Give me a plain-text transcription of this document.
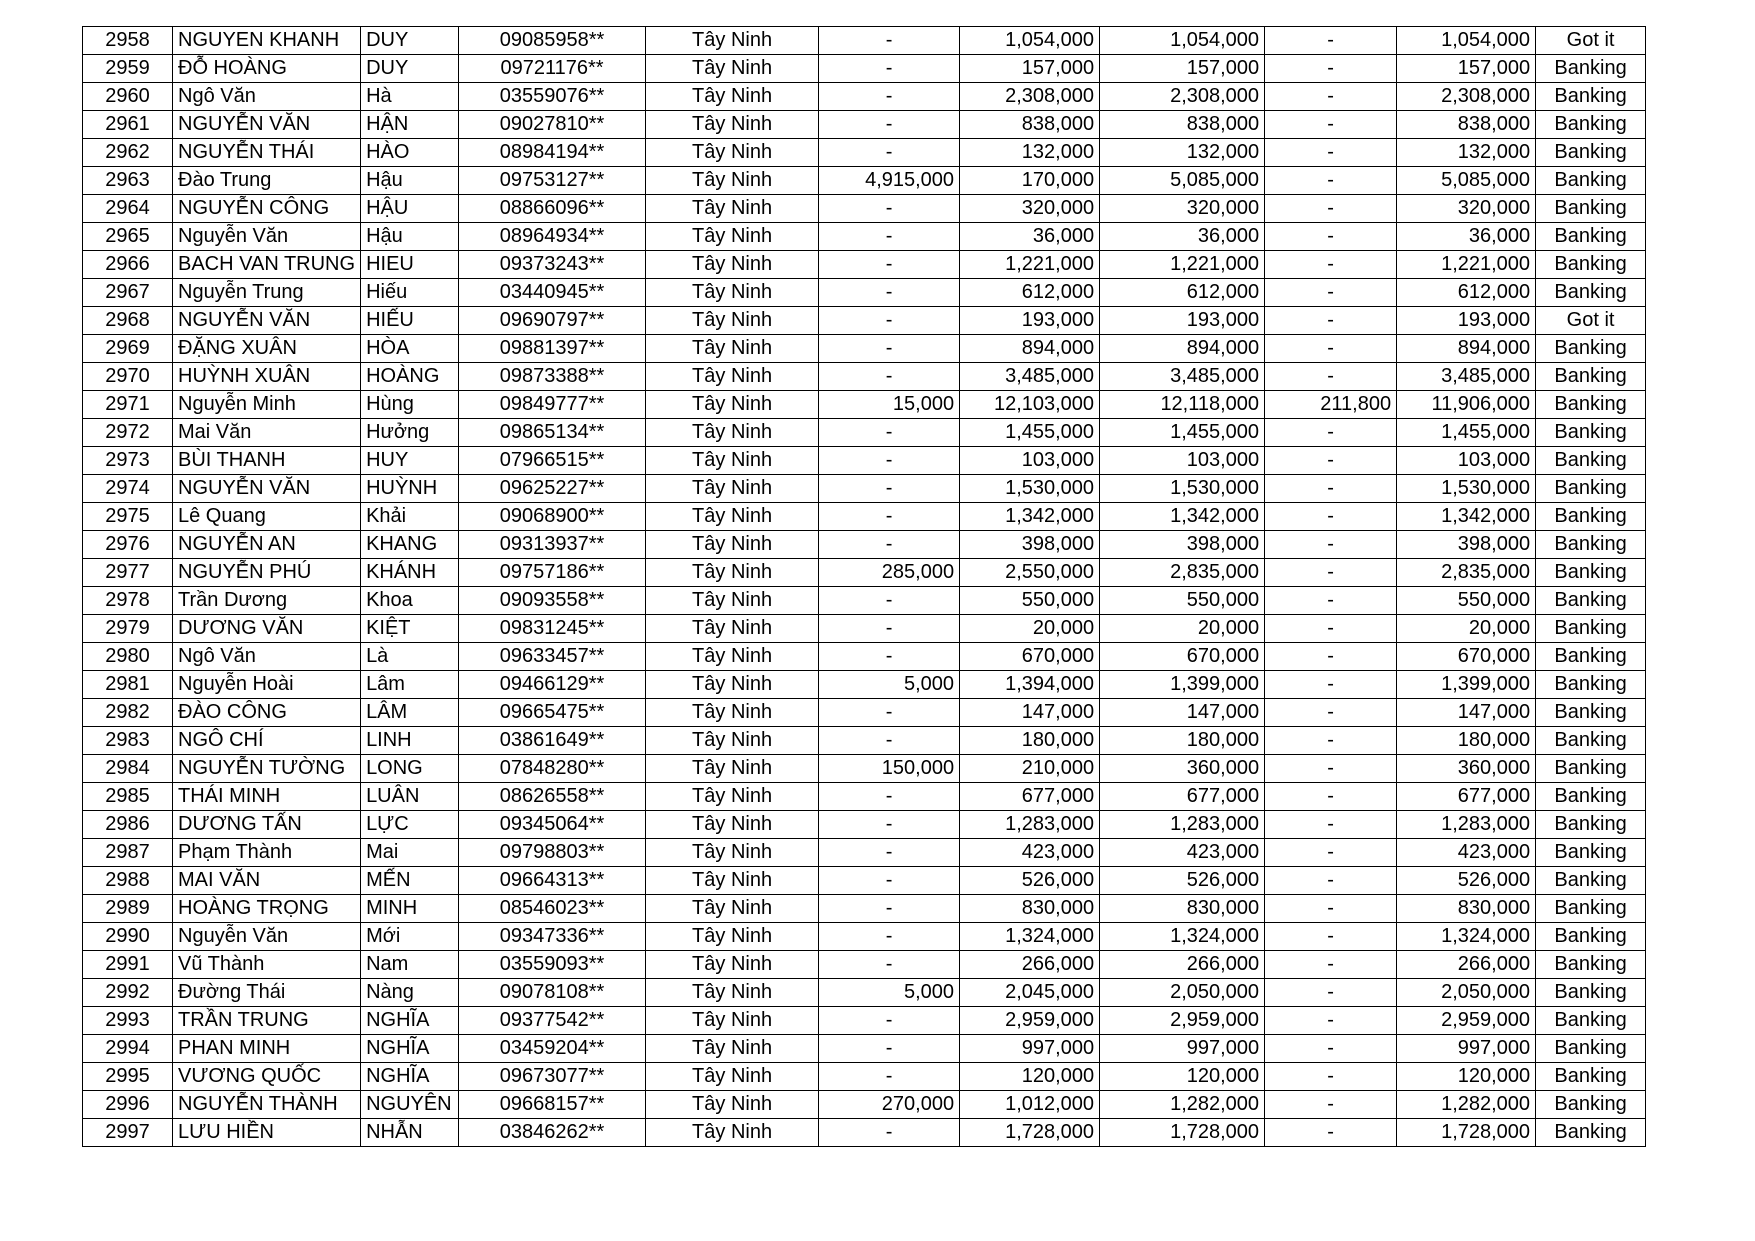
2958	NGUYEN KHANH	DUY	09085958**	Tây Ninh	-	1,054,000	1,054,000	-	1,054,000	Got it
2959	ĐỖ HOÀNG	DUY	09721176**	Tây Ninh	-	157,000	157,000	-	157,000	Banking
2960	Ngô Văn	Hà	03559076**	Tây Ninh	-	2,308,000	2,308,000	-	2,308,000	Banking
2961	NGUYỄN VĂN	HẬN	09027810**	Tây Ninh	-	838,000	838,000	-	838,000	Banking
2962	NGUYỄN THÁI	HÀO	08984194**	Tây Ninh	-	132,000	132,000	-	132,000	Banking
2963	Đào Trung	Hậu	09753127**	Tây Ninh	4,915,000	170,000	5,085,000	-	5,085,000	Banking
2964	NGUYỄN CÔNG	HẬU	08866096**	Tây Ninh	-	320,000	320,000	-	320,000	Banking
2965	Nguyễn Văn	Hậu	08964934**	Tây Ninh	-	36,000	36,000	-	36,000	Banking
2966	BACH VAN TRUNG	HIEU	09373243**	Tây Ninh	-	1,221,000	1,221,000	-	1,221,000	Banking
2967	Nguyễn Trung	Hiếu	03440945**	Tây Ninh	-	612,000	612,000	-	612,000	Banking
2968	NGUYỄN VĂN	HIẾU	09690797**	Tây Ninh	-	193,000	193,000	-	193,000	Got it
2969	ĐẶNG XUÂN	HÒA	09881397**	Tây Ninh	-	894,000	894,000	-	894,000	Banking
2970	HUỲNH XUÂN	HOÀNG	09873388**	Tây Ninh	-	3,485,000	3,485,000	-	3,485,000	Banking
2971	Nguyễn Minh	Hùng	09849777**	Tây Ninh	15,000	12,103,000	12,118,000	211,800	11,906,000	Banking
2972	Mai Văn	Hưởng	09865134**	Tây Ninh	-	1,455,000	1,455,000	-	1,455,000	Banking
2973	BÙI THANH	HUY	07966515**	Tây Ninh	-	103,000	103,000	-	103,000	Banking
2974	NGUYỄN VĂN	HUỲNH	09625227**	Tây Ninh	-	1,530,000	1,530,000	-	1,530,000	Banking
2975	Lê Quang	Khải	09068900**	Tây Ninh	-	1,342,000	1,342,000	-	1,342,000	Banking
2976	NGUYỄN AN	KHANG	09313937**	Tây Ninh	-	398,000	398,000	-	398,000	Banking
2977	NGUYỄN PHÚ	KHÁNH	09757186**	Tây Ninh	285,000	2,550,000	2,835,000	-	2,835,000	Banking
2978	Trần Dương	Khoa	09093558**	Tây Ninh	-	550,000	550,000	-	550,000	Banking
2979	DƯƠNG VĂN	KIỆT	09831245**	Tây Ninh	-	20,000	20,000	-	20,000	Banking
2980	Ngô Văn	Là	09633457**	Tây Ninh	-	670,000	670,000	-	670,000	Banking
2981	Nguyễn Hoài	Lâm	09466129**	Tây Ninh	5,000	1,394,000	1,399,000	-	1,399,000	Banking
2982	ĐÀO CÔNG	LÂM	09665475**	Tây Ninh	-	147,000	147,000	-	147,000	Banking
2983	NGÔ CHÍ	LINH	03861649**	Tây Ninh	-	180,000	180,000	-	180,000	Banking
2984	NGUYỄN TƯỜNG	LONG	07848280**	Tây Ninh	150,000	210,000	360,000	-	360,000	Banking
2985	THÁI MINH	LUÂN	08626558**	Tây Ninh	-	677,000	677,000	-	677,000	Banking
2986	DƯƠNG TẤN	LỰC	09345064**	Tây Ninh	-	1,283,000	1,283,000	-	1,283,000	Banking
2987	Phạm Thành	Mai	09798803**	Tây Ninh	-	423,000	423,000	-	423,000	Banking
2988	MAI VĂN	MẾN	09664313**	Tây Ninh	-	526,000	526,000	-	526,000	Banking
2989	HOÀNG TRỌNG	MINH	08546023**	Tây Ninh	-	830,000	830,000	-	830,000	Banking
2990	Nguyễn Văn	Mới	09347336**	Tây Ninh	-	1,324,000	1,324,000	-	1,324,000	Banking
2991	Vũ Thành	Nam	03559093**	Tây Ninh	-	266,000	266,000	-	266,000	Banking
2992	Đường Thái	Nàng	09078108**	Tây Ninh	5,000	2,045,000	2,050,000	-	2,050,000	Banking
2993	TRẦN TRUNG	NGHĨA	09377542**	Tây Ninh	-	2,959,000	2,959,000	-	2,959,000	Banking
2994	PHAN MINH	NGHĨA	03459204**	Tây Ninh	-	997,000	997,000	-	997,000	Banking
2995	VƯƠNG QUỐC	NGHĨA	09673077**	Tây Ninh	-	120,000	120,000	-	120,000	Banking
2996	NGUYỄN THÀNH	NGUYÊN	09668157**	Tây Ninh	270,000	1,012,000	1,282,000	-	1,282,000	Banking
2997	LƯU HIỀN	NHẪN	03846262**	Tây Ninh	-	1,728,000	1,728,000	-	1,728,000	Banking
